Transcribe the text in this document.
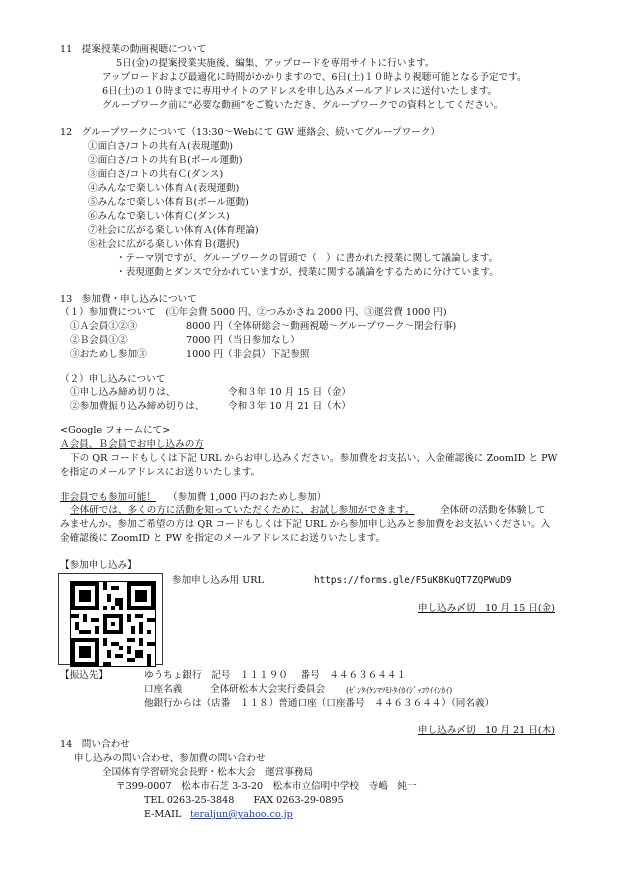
11　提案授業の動画視聴について
5日(金)の提案授業実施後、編集、アップロードを専用サイトに行います。
アップロードおよび最適化に時間がかかりますので、6日(土)１０時より視聴可能となる予定です。
6日(土)の１０時までに専用サイトのアドレスを申し込みメールアドレスに送付いたします。
グループワーク前に“必要な動画”をご覧いただき、グループワークでの資料としてください。
12　グループワークについて（13:30～Webにて GW 連絡会、続いてグループワーク）
①面白さ/コトの共有Ａ(表現運動)
②面白さ/コトの共有Ｂ(ボール運動)
③面白さ/コトの共有Ｃ(ダンス)
④みんなで楽しい体育Ａ(表現運動)
⑤みんなで楽しい体育Ｂ(ボール運動)
⑥みんなで楽しい体育Ｃ(ダンス)
⑦社会に広がる楽しい体育Ａ(体育理論)
⑧社会に広がる楽しい体育Ｂ(選択)
・テーマ別ですが、グループワークの冒頭で（　）に書かれた授業に関して議論します。
・表現運動とダンスで分かれていますが、授業に関する議論をするために分けています。
13　参加費・申し込みについて
（１）参加費について　(①年会費 5000 円、②つみかさね 2000 円、③運営費 1000 円)
①Ａ会員①②③	8000 円（全体研総会～動画視聴～グループワーク～閉会行事)
②Ｂ会員①②	7000 円（当日参加なし）
③おためし参加③	1000 円（非会員）下記参照
（２）申し込みについて
①申し込み締め切りは、	令和３年 10 月 15 日（金）
②参加費振り込み締め切りは、 令和３年 10 月 21 日（木）
<Google フォームにて>
Ａ会員、Ｂ会員でお申し込みの方
下の QR コードもしくは下記 URL からお申し込みください。参加費をお支払い、入金確認後に ZoomID と PW
を指定のメールアドレスにお送りいたします。
非会員でも参加可能！ （参加費 1,000 円のおためし参加）
全体研では、多くの方に活動を知っていただくために、お試し参加ができます。	全体研の活動を体験して
みませんか。参加ご希望の方は QR コードもしくは下記 URL から参加申し込みと参加費をお支払いください。入
金確認後に ZoomID と PW を指定のメールアドレスにお送りいたします。
【参加申し込み】
参加申し込み用 URL	https://forms.gle/F5uK8KuQT7ZQPWuD9
申し込み〆切　10 月 15 日(金)
【振込先】	ゆうちょ銀行　記号　１１１９０　 番号　４４６３６４４１
口座名義	全体研松本大会実行委員会	(ｾﾞﾝﾀｲｹﾝﾏﾂﾓﾄﾀｲｶｲｼﾞｯｺｳｲｲﾝｶｲ)
他銀行からは（店番　１１８）普通口座（口座番号　４４６３６４４）（同名義）
申し込み〆切　10 月 21 日(木)
14　問い合わせ
申し込みの問い合わせ、参加費の問い合わせ
全国体育学習研究会長野・松本大会　運営事務局
〒399-0007　松本市石芝 3-3-20　松本市立信明中学校　寺嶋　純一
TEL 0263-25-3848　　FAX 0263-29-0895
E-MAIL teraljun@yahoo.co.jp
